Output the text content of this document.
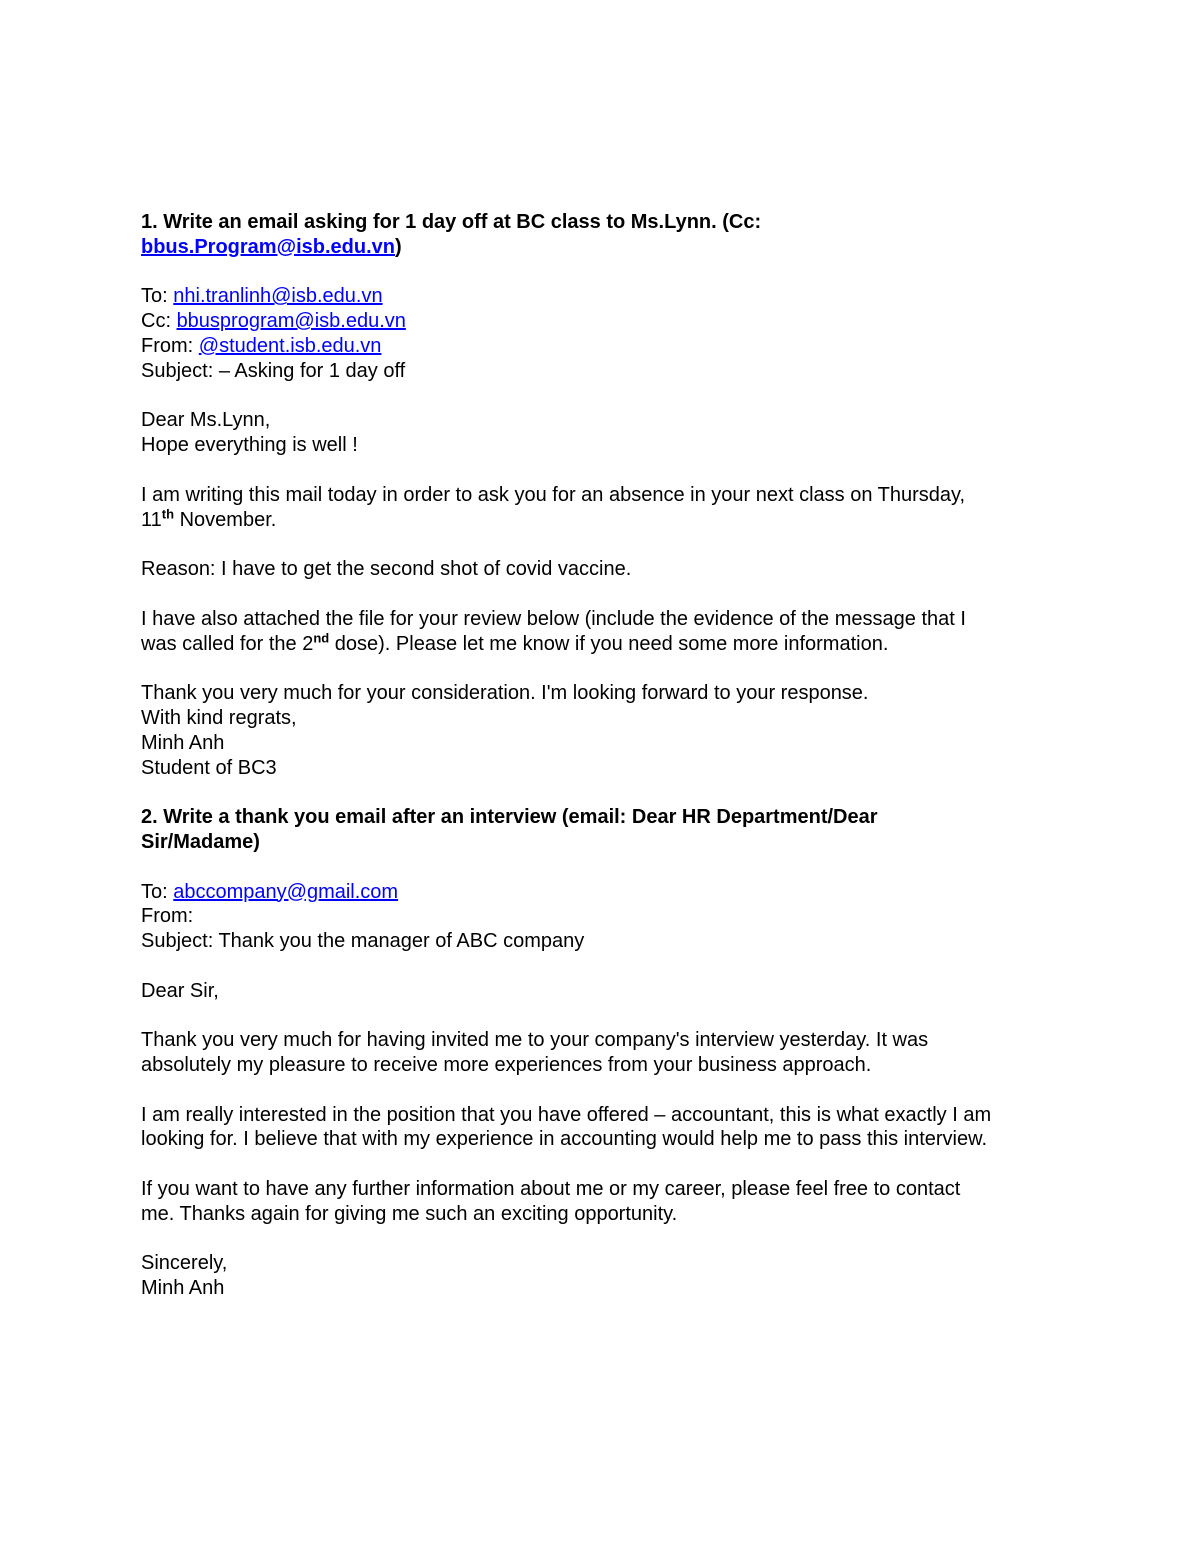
1. Write an email asking for 1 day off at BC class to Ms.Lynn. (Cc:
bbus.Program@isb.edu.vn)
To: nhi.tranlinh@isb.edu.vn
Cc: bbusprogram@isb.edu.vn
From: @student.isb.edu.vn
Subject: – Asking for 1 day off
Dear Ms.Lynn,
Hope everything is well !
I am writing this mail today in order to ask you for an absence in your next class on Thursday,
11th November.
Reason: I have to get the second shot of covid vaccine.
I have also attached the file for your review below (include the evidence of the message that I
was called for the 2nd dose). Please let me know if you need some more information.
Thank you very much for your consideration. I'm looking forward to your response.
With kind regrats,
Minh Anh
Student of BC3
2. Write a thank you email after an interview (email: Dear HR Department/Dear
Sir/Madame)
To: abccompany@gmail.com
From:
Subject: Thank you the manager of ABC company
Dear Sir,
Thank you very much for having invited me to your company's interview yesterday. It was
absolutely my pleasure to receive more experiences from your business approach.
I am really interested in the position that you have offered – accountant, this is what exactly I am
looking for. I believe that with my experience in accounting would help me to pass this interview.
If you want to have any further information about me or my career, please feel free to contact
me. Thanks again for giving me such an exciting opportunity.
Sincerely,
Minh Anh
